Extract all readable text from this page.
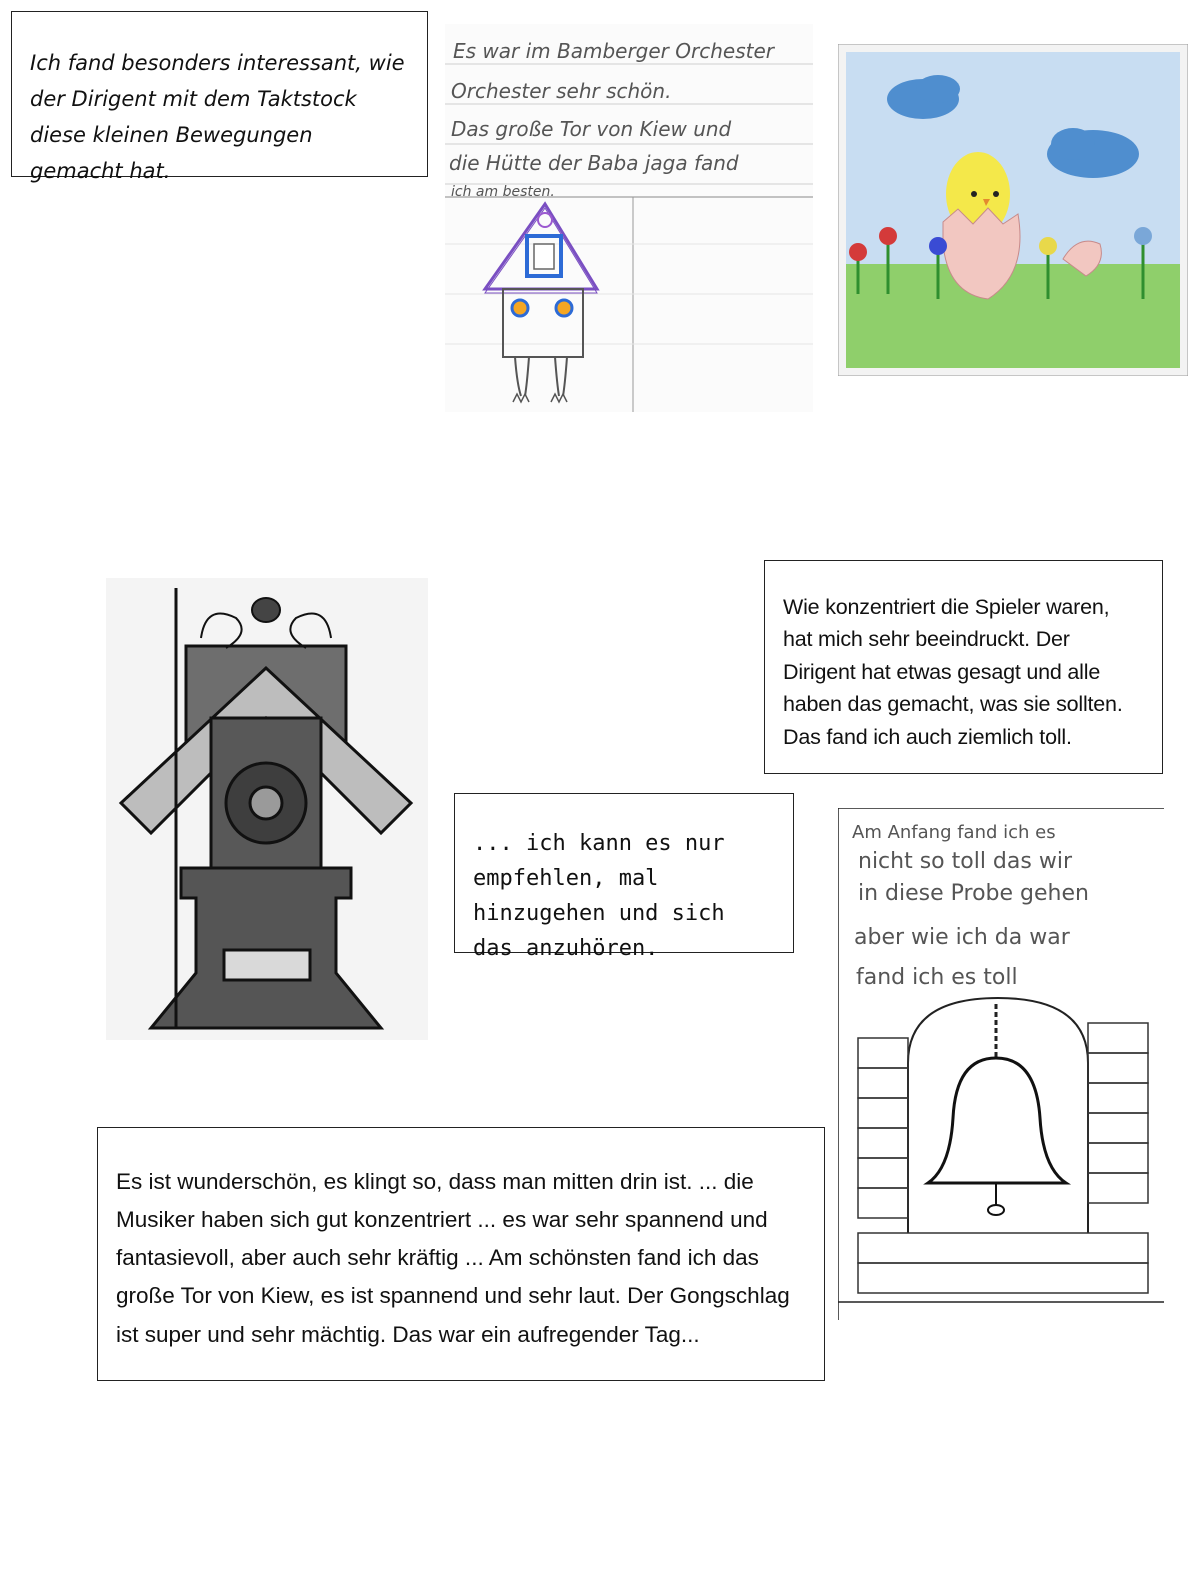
Ich fand besonders interessant, wie der Dirigent mit dem Taktstock diese kleinen Bewegungen gemacht hat.

Es war im Bamberger Orchester
Orchester sehr schön.
Das große Tor von Kiew und
die Hütte der Baba jaga fand
ich am besten.

Wie konzentriert die Spieler waren, hat mich sehr beeindruckt. Der Dirigent hat etwas gesagt und alle haben das gemacht, was sie sollten. Das fand ich auch ziemlich toll.

... ich kann es nur empfehlen, mal hinzugehen und sich das anzuhören.

Am Anfang fand ich es
nicht so toll das wir
in diese Probe gehen
aber wie ich da war
fand ich es toll

Es ist wunderschön, es klingt so, dass man mitten drin ist. ... die Musiker haben sich gut konzentriert ... es war sehr spannend und fantasievoll, aber auch sehr kräftig ... Am schönsten fand ich das große Tor von Kiew, es ist spannend und sehr laut. Der Gongschlag ist super und sehr mächtig. Das war ein aufregender Tag...
